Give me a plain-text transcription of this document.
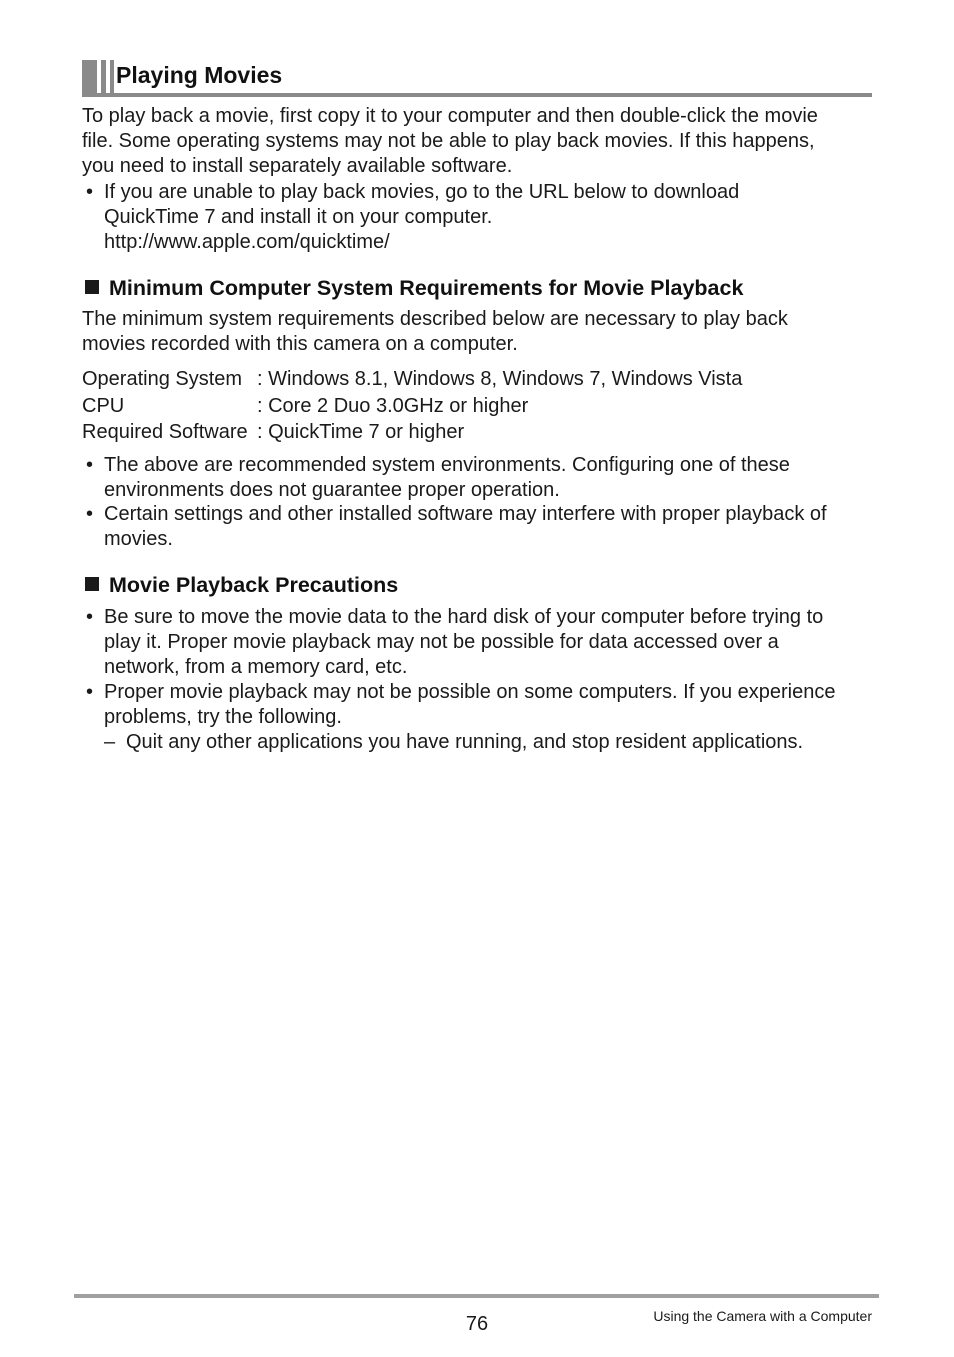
Playing Movies
To play back a movie, first copy it to your computer and then double-click the movie
file. Some operating systems may not be able to play back movies. If this happens,
you need to install separately available software.
• If you are unable to play back movies, go to the URL below to download
QuickTime 7 and install it on your computer.
http://www.apple.com/quicktime/
Minimum Computer System Requirements for Movie Playback
The minimum system requirements described below are necessary to play back
movies recorded with this camera on a computer.
Operating System : Windows 8.1, Windows 8, Windows 7, Windows Vista
CPU	: Core 2 Duo 3.0GHz or higher
Required Software : QuickTime 7 or higher
• The above are recommended system environments. Configuring one of these
environments does not guarantee proper operation.
• Certain settings and other installed software may interfere with proper playback of
movies.
Movie Playback Precautions
• Be sure to move the movie data to the hard disk of your computer before trying to
play it. Proper movie playback may not be possible for data accessed over a
network, from a memory card, etc.
• Proper movie playback may not be possible on some computers. If you experience
problems, try the following.
– Quit any other applications you have running, and stop resident applications.
76	Using the Camera with a Computer
